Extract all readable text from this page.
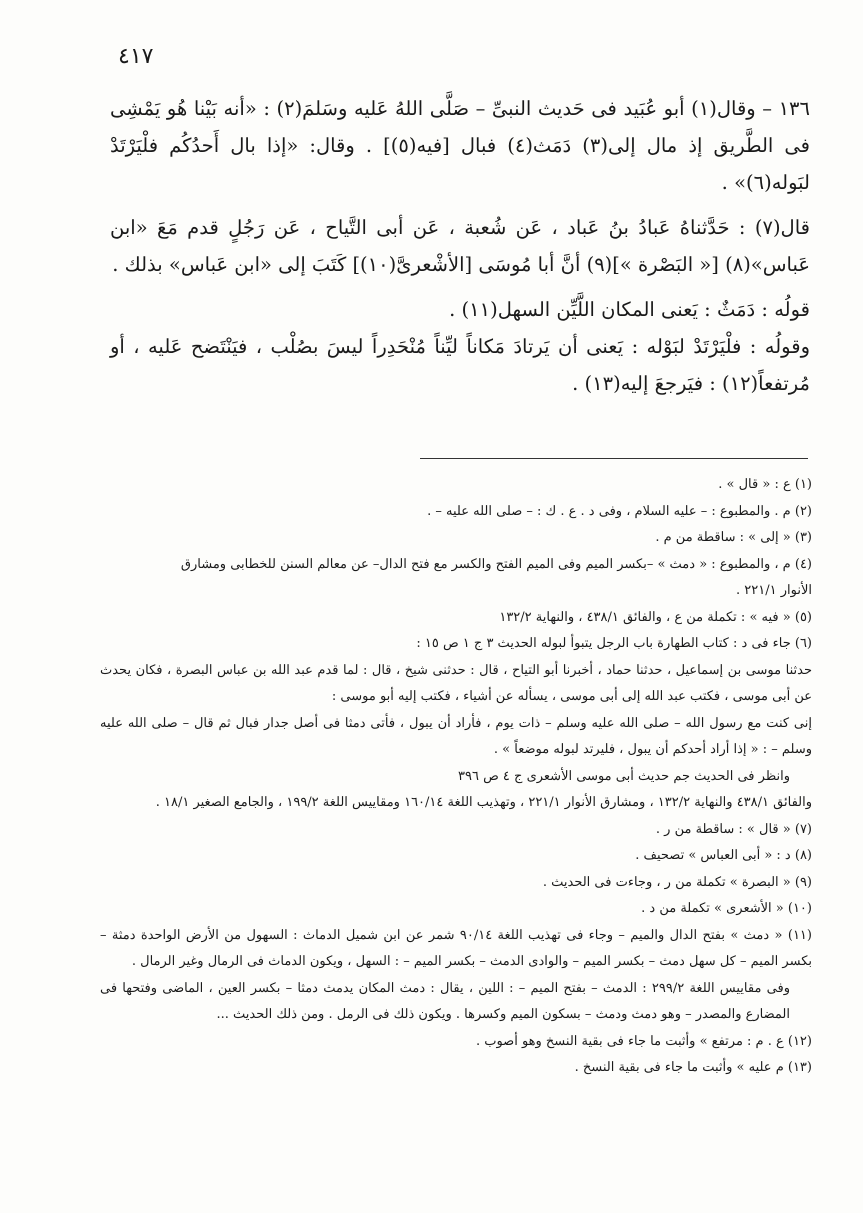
٤١٧

١٣٦ – وقال(١) أبو عُبَيد فى حَديث النبىِّ – صَلَّى اللهُ عَليه وسَلمَ(٢) : «أنه بَيْنا هُو يَمْشِى فى الطَّريق إذ مال إلى(٣) دَمَث(٤) فبال [فيه(٥)] . وقال: «إذا بال أَحدُكُم فلْيَرْتَدْ لبَوله(٦)» .

قال(٧) : حَدَّثناهُ عَبادُ بنُ عَباد ، عَن شُعبة ، عَن أبى التَّياح ، عَن رَجُلٍ قدم مَعَ «ابن عَباس»(٨) [« البَصْرة »](٩) أنَّ أبا مُوسَى [الأشْعرىَّ(١٠)] كَتَبَ إلى «ابن عَباس» بذلك .

قولُه : دَمَثٌ : يَعنى المكان اللَّيِّن السهل(١١) .

وقولُه : فلْيَرْتَدْ لبَوْله : يَعنى أن يَرتادَ مَكاناً ليِّناً مُنْحَدِراً ليسَ بصُلْب ، فيَنْتَضح عَليه ، أو مُرتفعاً(١٢) : فيَرجعَ إليه(١٣) .

(١) ع : « قال » .

(٢) م . والمطبوع : – عليه السلام ، وفى د . ع . ك : – صلى الله عليه – .

(٣) « إلى » : ساقطة من م .

(٤) م ، والمطبوع : « دمث » –بكسر الميم وفى الميم الفتح والكسر مع فتح الدال– عن معالم السنن للخطابى ومشارق

الأنوار ٢٢١/١ .

(٥) « فيه » : تكملة من ع ، والفائق ٤٣٨/١ ، والنهاية ١٣٢/٢

(٦) جاء فى د : كتاب الطهارة باب الرجل يتبوأ لبوله الحديث ٣ ج ١ ص ١٥ :

حدثنا موسى بن إسماعيل ، حدثنا حماد ، أخبرنا أبو التياح ، قال : حدثنى شيخ ، قال : لما قدم عبد الله بن عباس البصرة ، فكان يحدث عن أبى موسى ، فكتب عبد الله إلى أبى موسى ، يسأله عن أشياء ، فكتب إليه أبو موسى :

إنى كنت مع رسول الله – صلى الله عليه وسلم – ذات يوم ، فأراد أن يبول ، فأتى دمثا فى أصل جدار فبال ثم قال – صلى الله عليه وسلم – : « إذا أراد أحدكم أن يبول ، فليرتد لبوله موضعاً » .

وانظر فى الحديث جم حديث أبى موسى الأشعرى ج ٤ ص ٣٩٦

والفائق ٤٣٨/١ والنهاية ١٣٢/٢ ، ومشارق الأنوار ٢٢١/١ ، وتهذيب اللغة ١٦٠/١٤ ومقاييس اللغة ١٩٩/٢ ، والجامع الصغير ١٨/١ .

(٧) « قال » : ساقطة من ر .

(٨) د : « أبى العباس » تصحيف .

(٩) « البصرة » تكملة من ر ، وجاءت فى الحديث .

(١٠) « الأشعرى » تكملة من د .

(١١) « دمث » بفتح الدال والميم – وجاء فى تهذيب اللغة ٩٠/١٤ شمر عن ابن شميل الدماث : السهول من الأرض الواحدة دمثة – بكسر الميم – كل سهل دمث – بكسر الميم – والوادى الدمث – بكسر الميم – : السهل ، ويكون الدماث فى الرمال وغير الرمال .

وفى مقاييس اللغة ٢٩٩/٢ : الدمث – بفتح الميم – : اللين ، يقال : دمث المكان يدمث دمثا – بكسر العين ، الماضى وفتحها فى المضارع والمصدر – وهو دمث ودمث – بسكون الميم وكسرها . ويكون ذلك فى الرمل . ومن ذلك الحديث ...

(١٢) ع . م : مرتفع » وأثبت ما جاء فى بقية النسخ وهو أصوب .

(١٣) م عليه » وأثبت ما جاء فى بقية النسخ .
